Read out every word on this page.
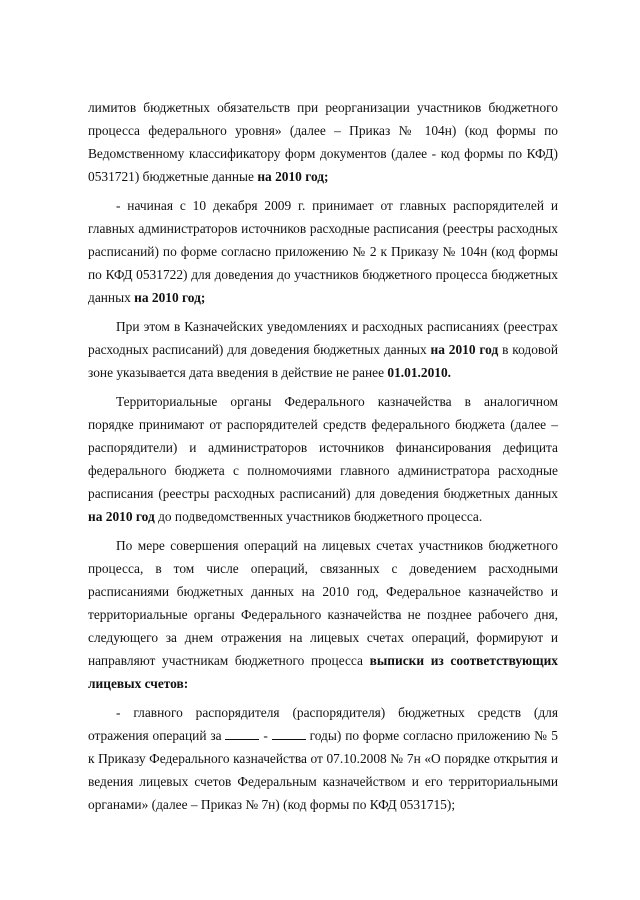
лимитов бюджетных обязательств при реорганизации участников бюджетного процесса федерального уровня» (далее – Приказ № 104н) (код формы по Ведомственному классификатору форм документов (далее - код формы по КФД) 0531721) бюджетные данные на 2010 год;

- начиная с 10 декабря 2009 г. принимает от главных распорядителей и главных администраторов источников расходные расписания (реестры расходных расписаний) по форме согласно приложению № 2 к Приказу № 104н (код формы по КФД 0531722) для доведения до участников бюджетного процесса бюджетных данных на 2010 год;

При этом в Казначейских уведомлениях и расходных расписаниях (реестрах расходных расписаний) для доведения бюджетных данных на 2010 год в кодовой зоне указывается дата введения в действие не ранее 01.01.2010.

Территориальные органы Федерального казначейства в аналогичном порядке принимают от распорядителей средств федерального бюджета (далее – распорядители) и администраторов источников финансирования дефицита федерального бюджета с полномочиями главного администратора расходные расписания (реестры расходных расписаний) для доведения бюджетных данных на 2010 год до подведомственных участников бюджетного процесса.

По мере совершения операций на лицевых счетах участников бюджетного процесса, в том числе операций, связанных с доведением расходными расписаниями бюджетных данных на 2010 год, Федеральное казначейство и территориальные органы Федерального казначейства не позднее рабочего дня, следующего за днем отражения на лицевых счетах операций, формируют и направляют участникам бюджетного процесса выписки из соответствующих лицевых счетов:

- главного распорядителя (распорядителя) бюджетных средств (для отражения операций за	-	годы) по форме согласно приложению № 5 к Приказу Федерального казначейства от 07.10.2008 № 7н «О порядке открытия и ведения лицевых счетов Федеральным казначейством и его территориальными органами» (далее – Приказ № 7н) (код формы по КФД 0531715);
